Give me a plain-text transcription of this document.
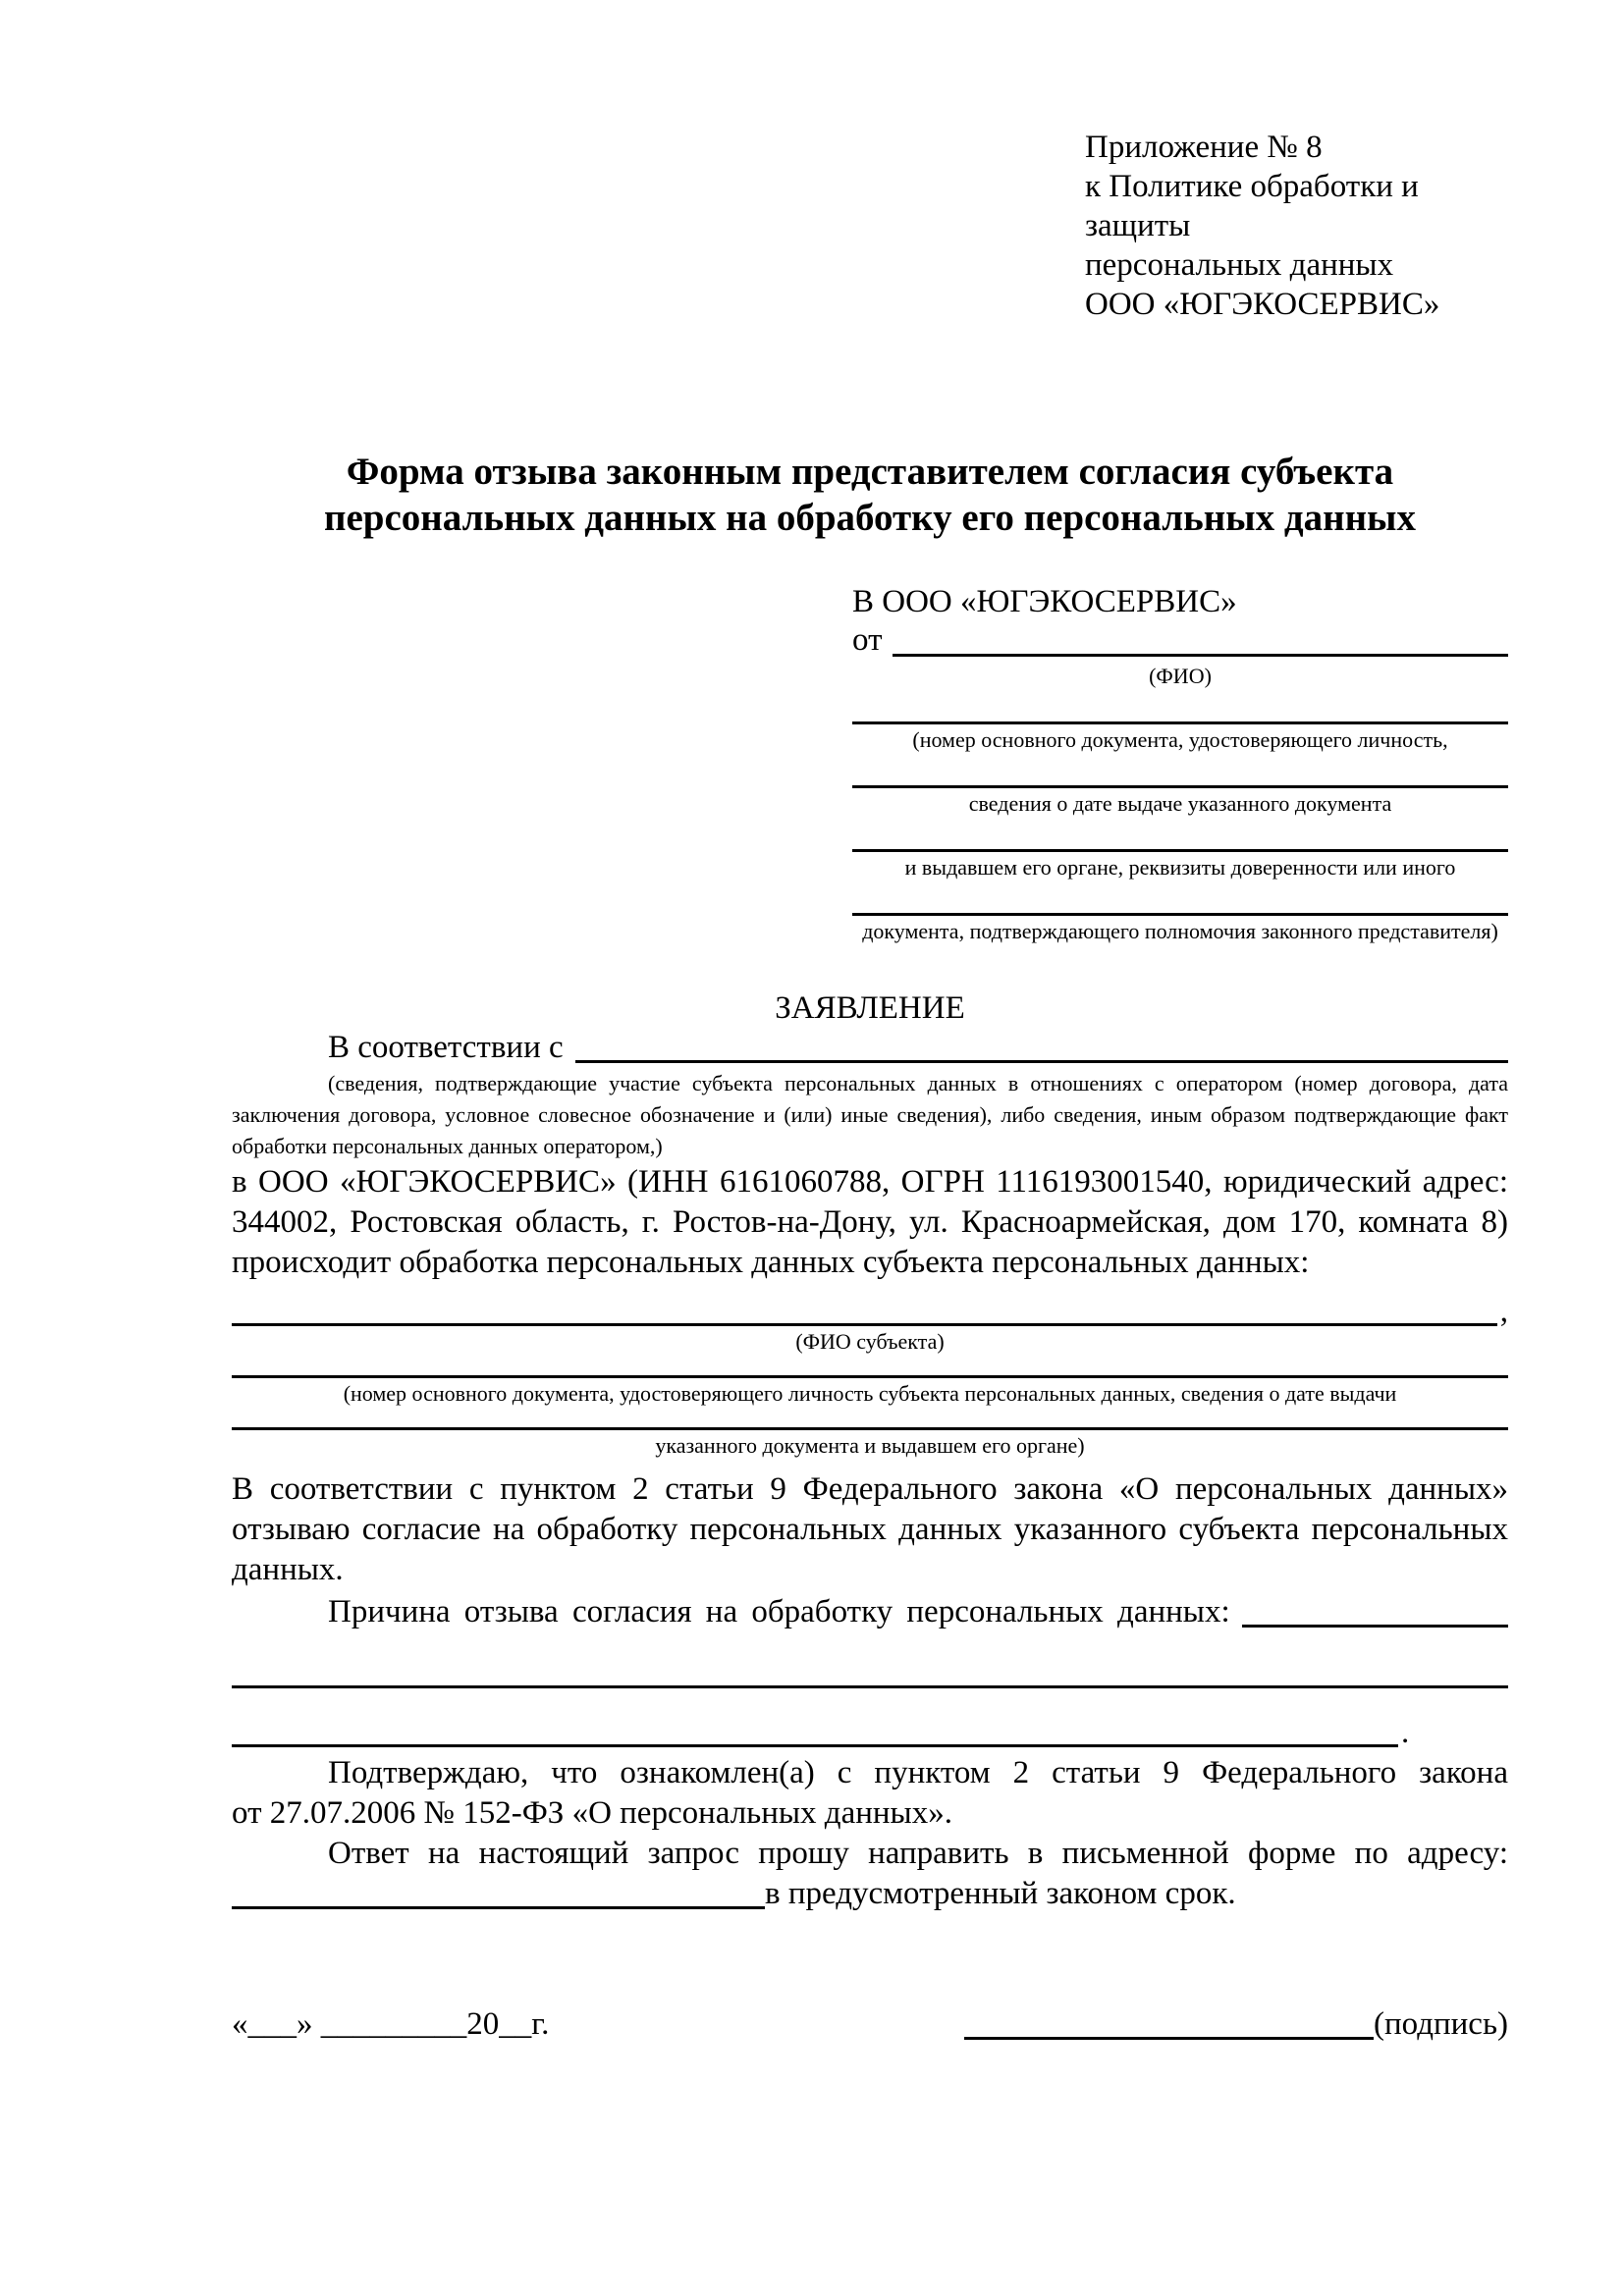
Приложение № 8
к Политике обработки и защиты
персональных данных
ООО «ЮГЭКОСЕРВИС»
Форма отзыва законным представителем согласия субъекта
персональных данных на обработку его персональных данных
В ООО «ЮГЭКОСЕРВИС»
от
(ФИО)
(номер основного документа, удостоверяющего личность,
сведения о дате выдаче указанного документа
и выдавшем его органе, реквизиты доверенности или иного
документа, подтверждающего полномочия законного представителя)
ЗАЯВЛЕНИЕ
В соответствии с
(сведения, подтверждающие участие субъекта персональных данных в отношениях с оператором (номер договора, дата
заключения договора, условное словесное обозначение и (или) иные сведения), либо сведения, иным образом подтверждающие факт
обработки персональных данных оператором,)
в ООО «ЮГЭКОСЕРВИС» (ИНН 6161060788, ОГРН 1116193001540, юридический адрес:
344002, Ростовская область, г. Ростов-на-Дону, ул. Красноармейская, дом 170, комната 8)
происходит обработка персональных данных субъекта персональных данных:
,
(ФИО субъекта)
(номер основного документа, удостоверяющего личность субъекта персональных данных, сведения о дате выдачи
указанного документа и выдавшем его органе)
В соответствии с пунктом 2 статьи 9 Федерального закона «О персональных данных»
отзываю согласие на обработку персональных данных указанного субъекта персональных
данных.
Причина отзыва согласия на обработку персональных данных:
.
Подтверждаю, что ознакомлен(а) с пунктом 2 статьи 9 Федерального закона
от 27.07.2006 № 152-ФЗ «О персональных данных».
Ответ на настоящий запрос прошу направить в письменной форме по адресу:
в предусмотренный законом срок.
«___» _________20__г.	(подпись)
